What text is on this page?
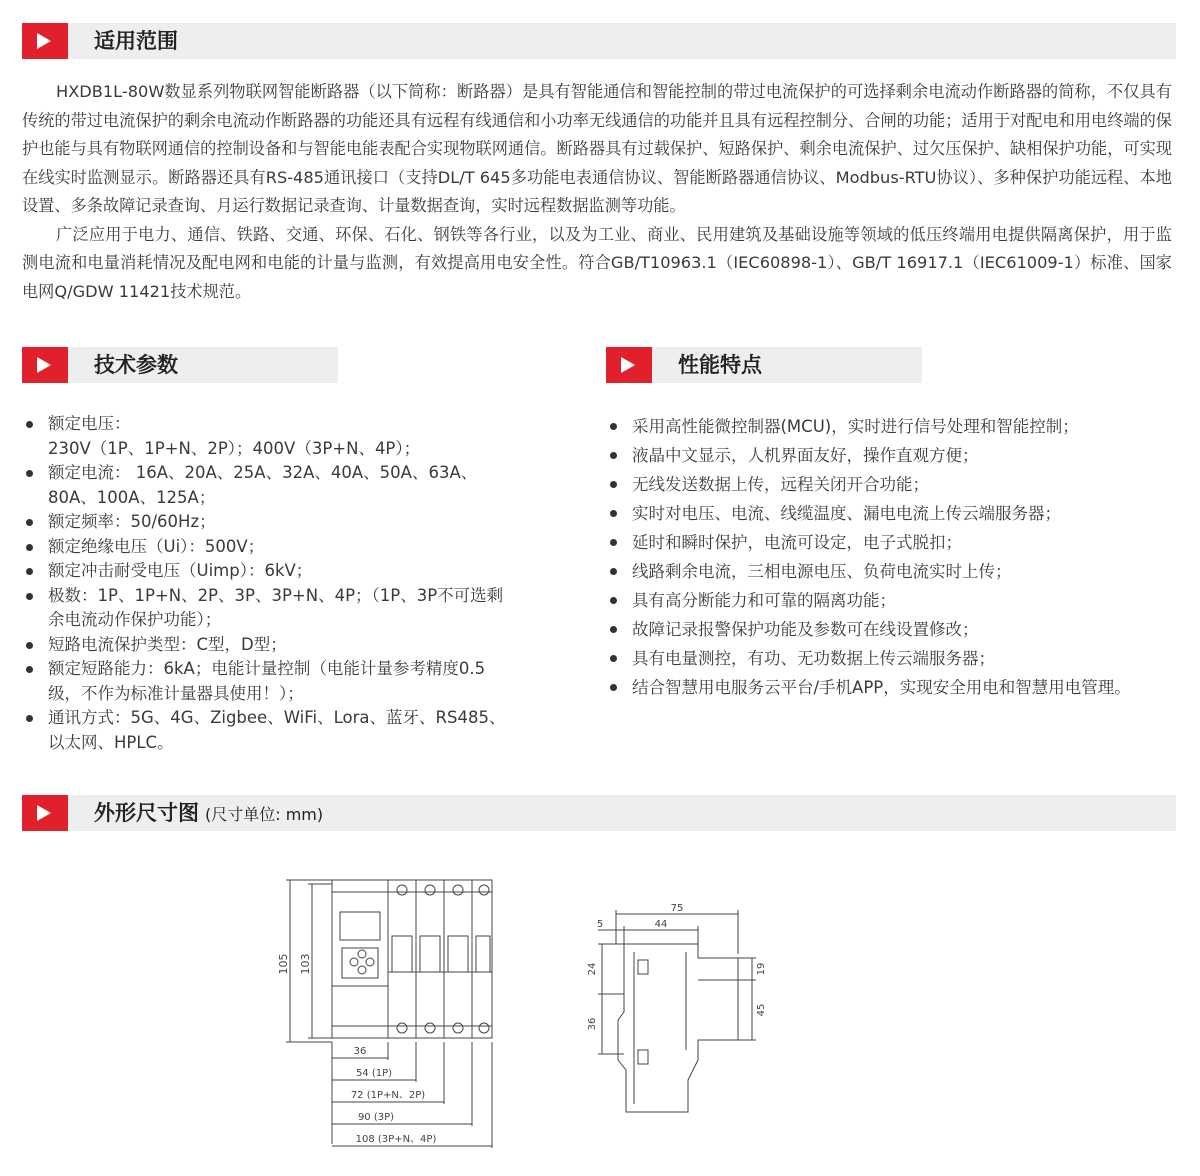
适用范围

HXDB1L-80W数显系列物联网智能断路器（以下简称：断路器）是具有智能通信和智能控制的带过电流保护的可选择剩余电流动作断路器的简称，不仅具有传统的带过电流保护的剩余电流动作断路器的功能还具有远程有线通信和小功率无线通信的功能并且具有远程控制分、合闸的功能；适用于对配电和用电终端的保护也能与具有物联网通信的控制设备和与智能电能表配合实现物联网通信。断路器具有过载保护、短路保护、剩余电流保护、过欠压保护、缺相保护功能，可实现在线实时监测显示。断路器还具有RS-485通讯接口（支持DL/T 645多功能电表通信协议、智能断路器通信协议、Modbus-RTU协议）、多种保护功能远程、本地设置、多条故障记录查询、月运行数据记录查询、计量数据查询，实时远程数据监测等功能。

广泛应用于电力、通信、铁路、交通、环保、石化、钢铁等各行业，以及为工业、商业、民用建筑及基础设施等领域的低压终端用电提供隔离保护，用于监测电流和电量消耗情况及配电网和电能的计量与监测，有效提高用电安全性。符合GB/T10963.1（IEC60898-1）、GB/T 16917.1（IEC61009-1）标准、国家电网Q/GDW 11421技术规范。

技术参数	性能特点
额定电压：
230V（1P、1P+N、2P）；400V（3P+N、4P）；
额定电流： 16A、20A、25A、32A、40A、50A、63A、
80A、100A、125A；
额定频率：50/60Hz；
额定绝缘电压（Ui）：500V；
额定冲击耐受电压（Uimp）：6kV；
极数：1P、1P+N、2P、3P、3P+N、4P；（1P、3P不可选剩
余电流动作保护功能）；
短路电流保护类型：C型，D型；
额定短路能力：6kA；电能计量控制（电能计量参考精度0.5
级，不作为标准计量器具使用！）；
通讯方式：5G、4G、Zigbee、WiFi、Lora、蓝牙、RS485、
以太网、HPLC。
采用高性能微控制器(MCU)，实时进行信号处理和智能控制；
液晶中文显示，人机界面友好，操作直观方便；
无线发送数据上传，远程关闭开合功能；
实时对电压、电流、线缆温度、漏电电流上传云端服务器；
延时和瞬时保护，电流可设定，电子式脱扣；
线路剩余电流，三相电源电压、负荷电流实时上传；
具有高分断能力和可靠的隔离功能；
故障记录报警保护功能及参数可在线设置修改；
具有电量测控，有功、无功数据上传云端服务器；
结合智慧用电服务云平台/手机APP，实现安全用电和智慧用电管理。
外形尺寸图 (尺寸单位: mm)
105 103
36
54 (1P)
72 (1P+N、2P)
90 (3P)
108 (3P+N、4P)
75
5	44
24
36
19
45
